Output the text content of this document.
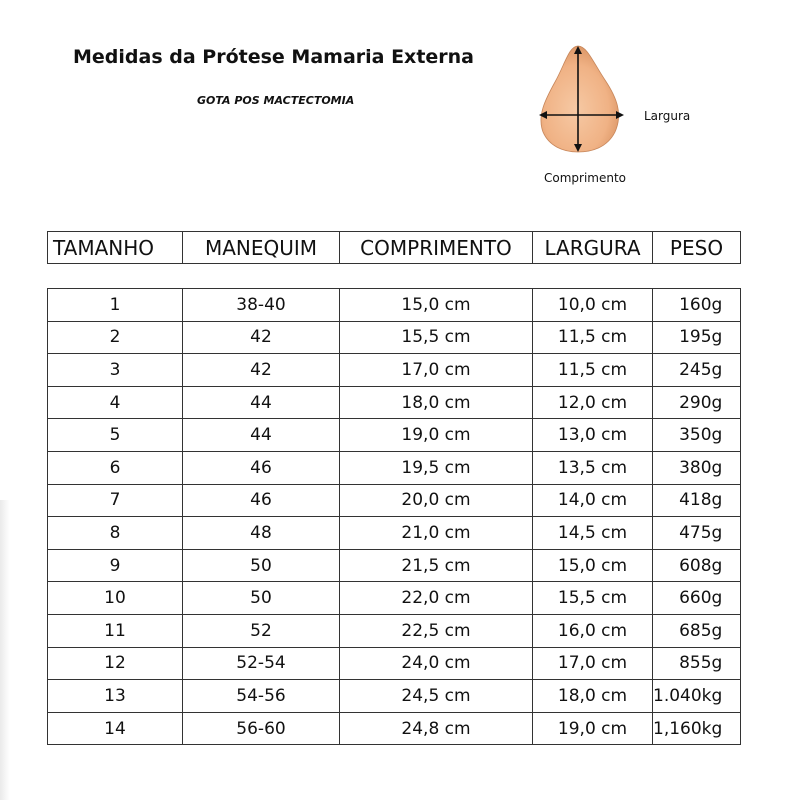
Medidas da Prótese Mamaria Externa
GOTA POS MACTECTOMIA
Largura
Comprimento
TAMANHO	MANEQUIM	COMPRIMENTO	LARGURA	PESO
1	38-40	15,0 cm	10,0 cm	160g
2	42	15,5 cm	11,5 cm	195g
3	42	17,0 cm	11,5 cm	245g
4	44	18,0 cm	12,0 cm	290g
5	44	19,0 cm	13,0 cm	350g
6	46	19,5 cm	13,5 cm	380g
7	46	20,0 cm	14,0 cm	418g
8	48	21,0 cm	14,5 cm	475g
9	50	21,5 cm	15,0 cm	608g
10	50	22,0 cm	15,5 cm	660g
11	52	22,5 cm	16,0 cm	685g
12	52-54	24,0 cm	17,0 cm	855g
13	54-56	24,5 cm	18,0 cm	1.040kg
14	56-60	24,8 cm	19,0 cm	1,160kg
